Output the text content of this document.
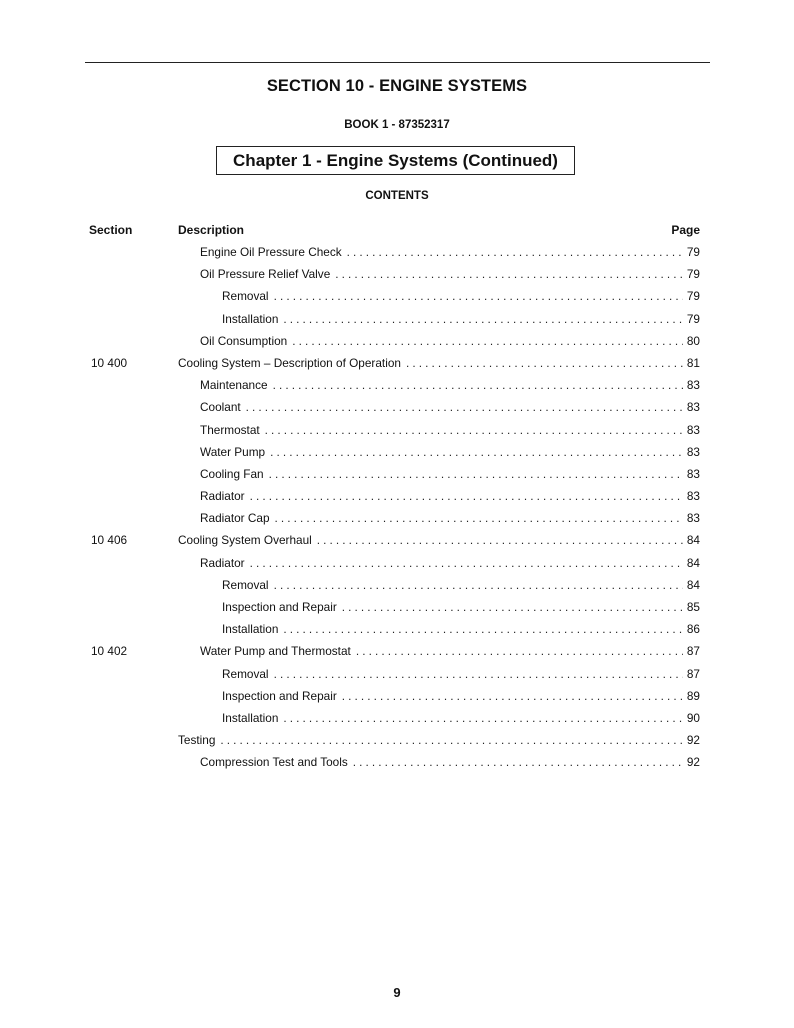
SECTION 10 - ENGINE SYSTEMS
BOOK 1 - 87352317
Chapter 1 - Engine Systems (Continued)
CONTENTS
Section	Description	Page
Engine Oil Pressure Check .....	79
Oil Pressure Relief Valve .....	79
Removal .....	79
Installation .....	79
Oil Consumption .....	80
10 400	Cooling System – Description of Operation .....	81
Maintenance .....	83
Coolant .....	83
Thermostat .....	83
Water Pump .....	83
Cooling Fan .....	83
Radiator .....	83
Radiator Cap .....	83
10 406	Cooling System Overhaul .....	84
Radiator .....	84
Removal .....	84
Inspection and Repair .....	85
Installation .....	86
10 402	Water Pump and Thermostat .....	87
Removal .....	87
Inspection and Repair .....	89
Installation .....	90
Testing .....	92
Compression Test and Tools .....	92
9
